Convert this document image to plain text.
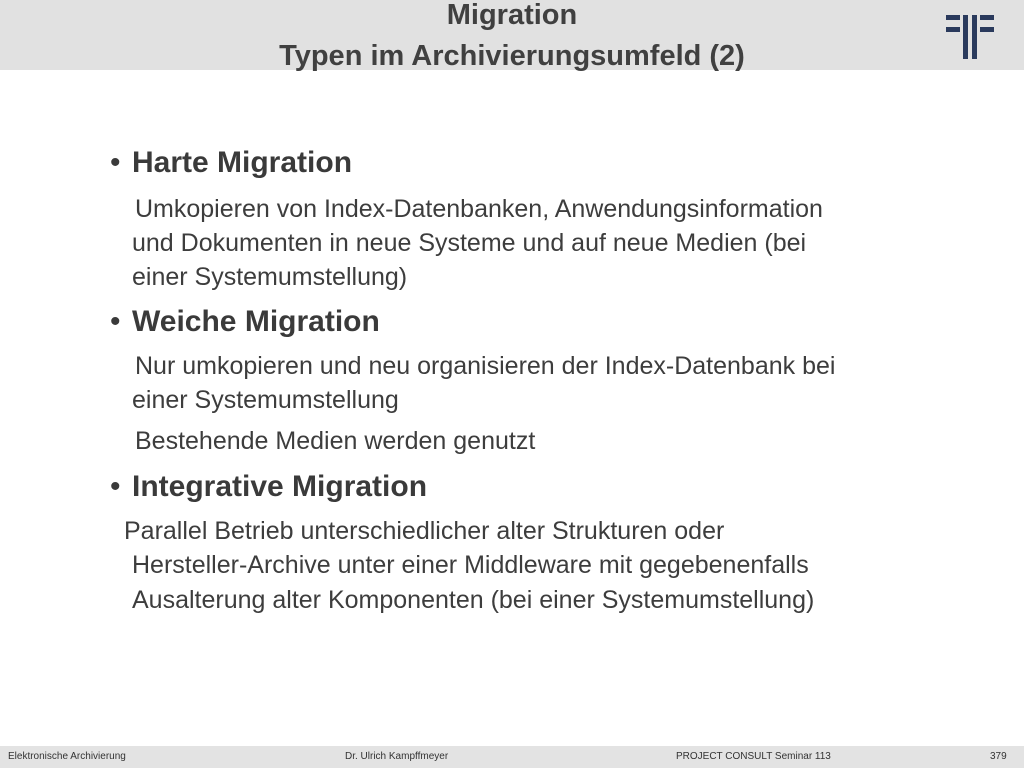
Migration
Typen im Archivierungsumfeld (2)
• Harte Migration
Umkopieren von Index-Datenbanken, Anwendungsinformation
und Dokumenten in neue Systeme und auf neue Medien (bei
einer Systemumstellung)
• Weiche Migration
Nur umkopieren und neu organisieren der Index-Datenbank bei
einer Systemumstellung
Bestehende Medien werden genutzt
• Integrative Migration
Parallel Betrieb unterschiedlicher alter Strukturen oder
Hersteller-Archive unter einer Middleware mit gegebenenfalls
Ausalterung alter Komponenten (bei einer Systemumstellung)
Elektronische Archivierung	Dr. Ulrich Kampffmeyer	PROJECT CONSULT Seminar 113	379
